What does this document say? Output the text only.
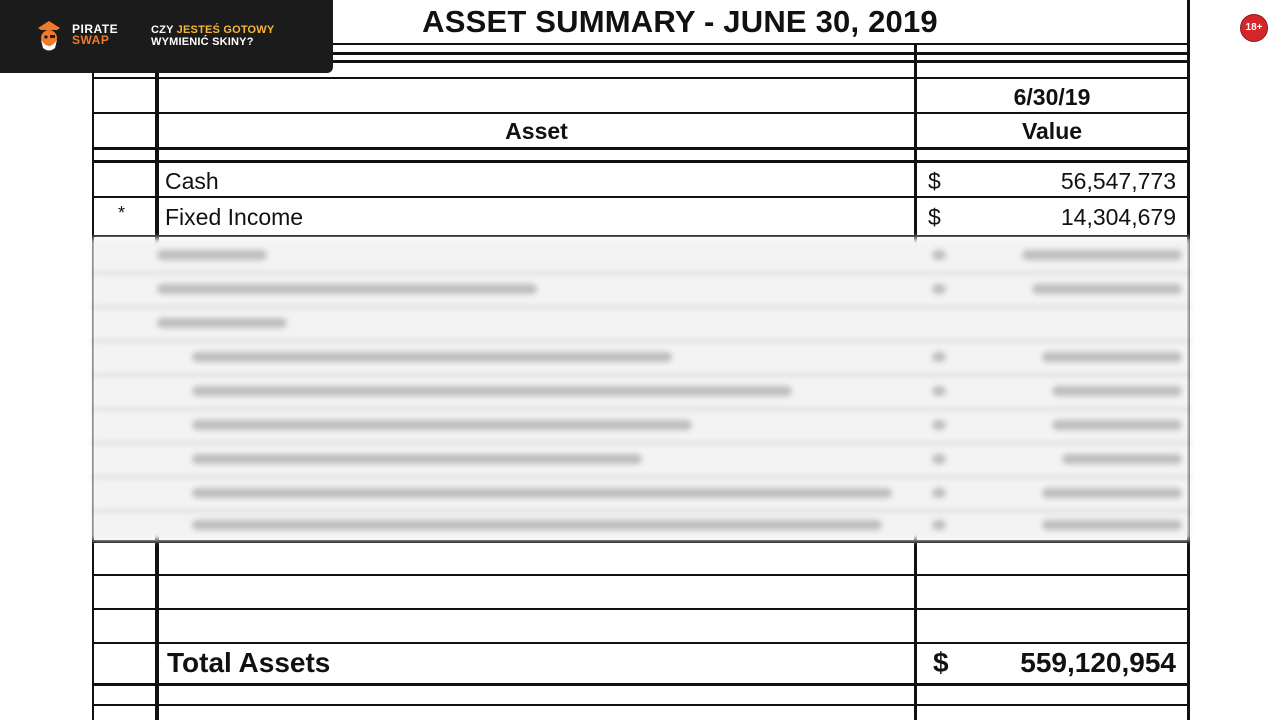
ASSET SUMMARY - JUNE 30, 2019
6/30/19
Asset	Value
Cash	$	56,547,773
* Fixed Income	$	14,304,679
Total Assets	$	559,120,954
PIRATE
SWAP
CZY JESTEŚ GOTOWY
WYMIENIĆ SKINY?
18+
